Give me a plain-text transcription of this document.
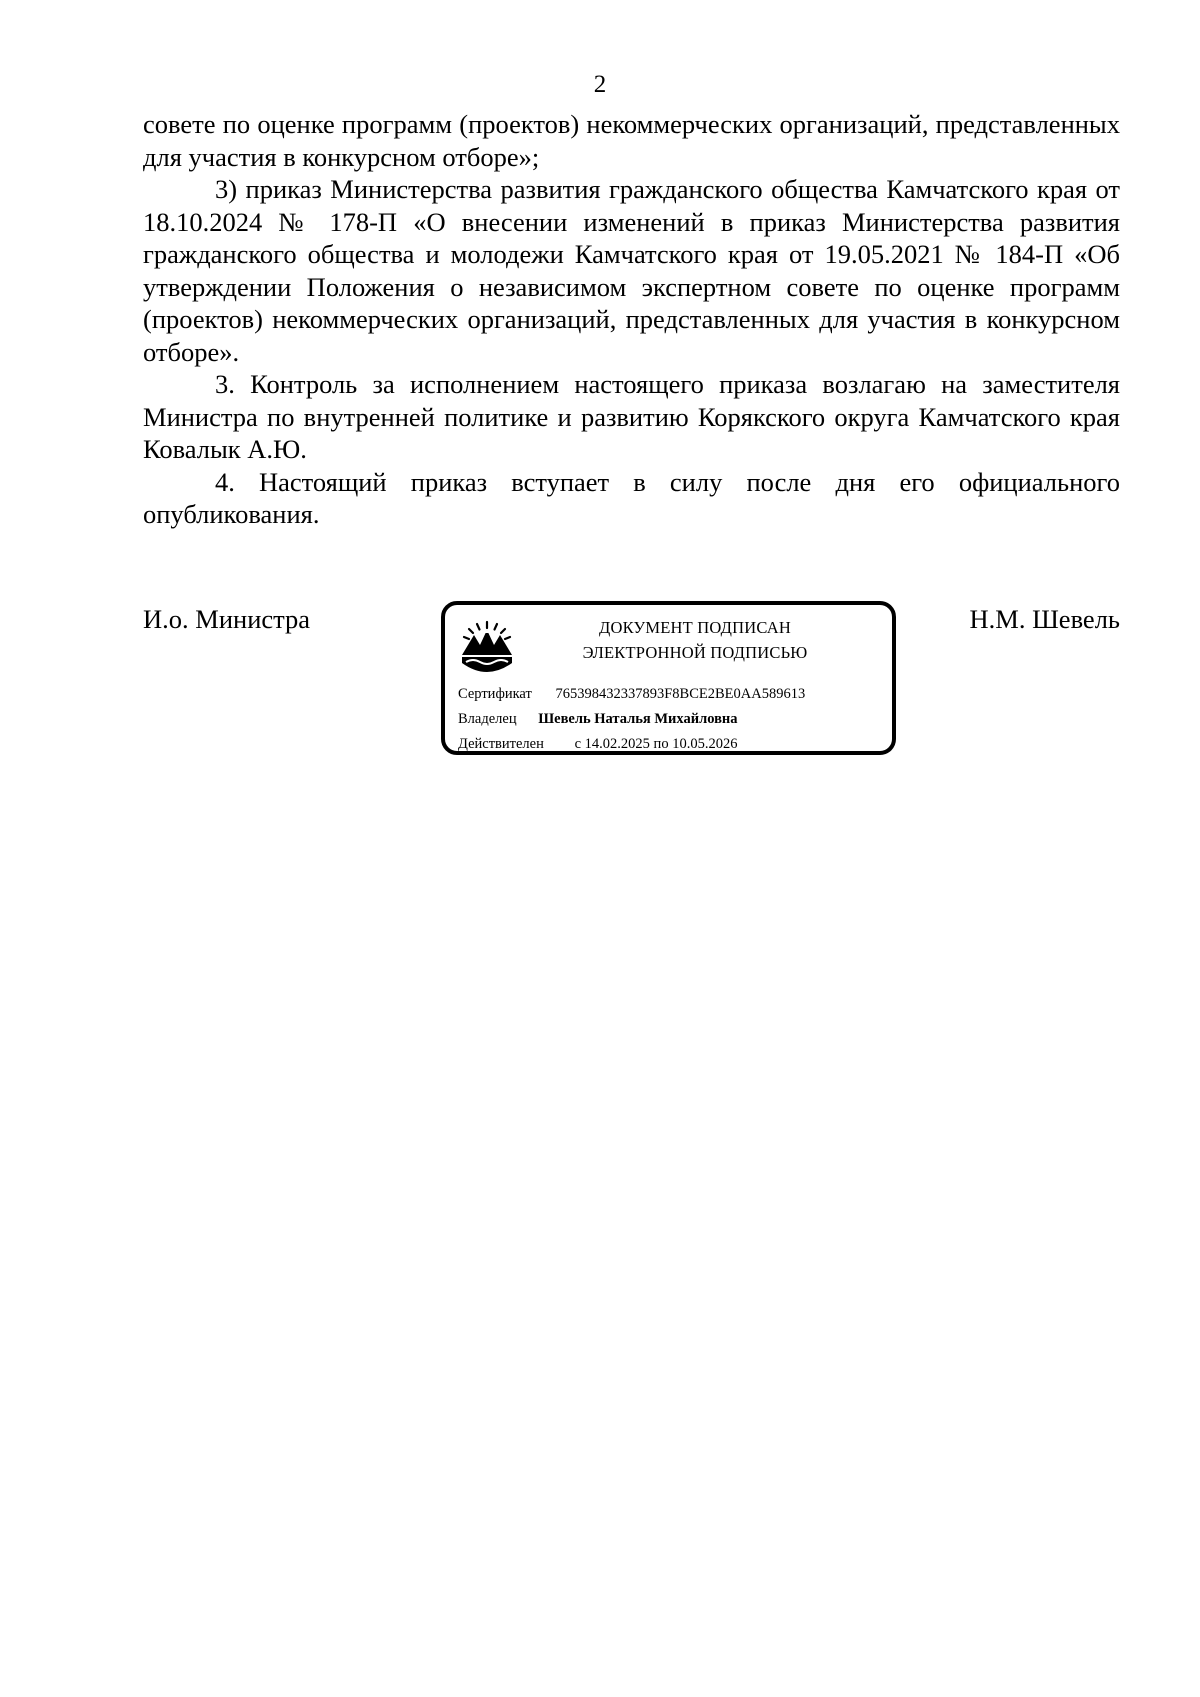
2

совете по оценке программ (проектов) некоммерческих организаций, представленных для участия в конкурсном отборе»;

3) приказ Министерства развития гражданского общества Камчатского края от 18.10.2024 № 178-П «О внесении изменений в приказ Министерства развития гражданского общества и молодежи Камчатского края от 19.05.2021 № 184-П «Об утверждении Положения о независимом экспертном совете по оценке программ (проектов) некоммерческих организаций, представленных для участия в конкурсном отборе».

3. Контроль за исполнением настоящего приказа возлагаю на заместителя Министра по внутренней политике и развитию Корякского округа Камчатского края Ковалык А.Ю.

4. Настоящий приказ вступает в силу после дня его официального опубликования.

И.о. Министра	Н.М. Шевель
ДОКУМЕНТ ПОДПИСАН
ЭЛЕКТРОННОЙ ПОДПИСЬЮ
Сертификат 765398432337893F8BCE2BE0AA589613
Владелец Шевель Наталья Михайловна
Действителен с 14.02.2025 по 10.05.2026
